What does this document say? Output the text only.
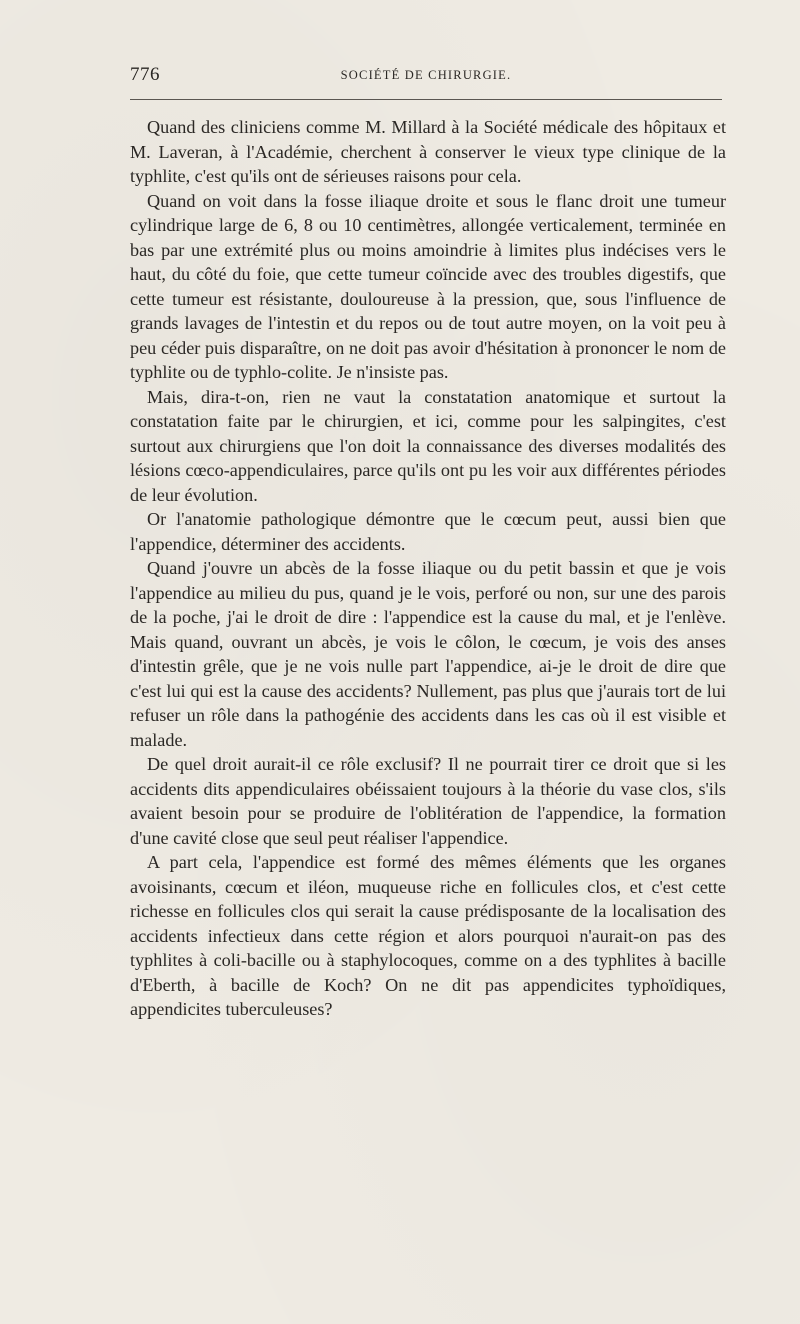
776	SOCIÉTÉ DE CHIRURGIE.

Quand des cliniciens comme M. Millard à la Société médicale des hôpitaux et M. Laveran, à l'Académie, cherchent à conserver le vieux type clinique de la typhlite, c'est qu'ils ont de sérieuses raisons pour cela.

Quand on voit dans la fosse iliaque droite et sous le flanc droit une tumeur cylindrique large de 6, 8 ou 10 centimètres, allongée verticalement, terminée en bas par une extrémité plus ou moins amoindrie à limites plus indécises vers le haut, du côté du foie, que cette tumeur coïncide avec des troubles digestifs, que cette tumeur est résistante, douloureuse à la pression, que, sous l'influence de grands lavages de l'intestin et du repos ou de tout autre moyen, on la voit peu à peu céder puis disparaître, on ne doit pas avoir d'hésitation à prononcer le nom de typhlite ou de typhlo-colite. Je n'insiste pas.

Mais, dira-t-on, rien ne vaut la constatation anatomique et surtout la constatation faite par le chirurgien, et ici, comme pour les salpingites, c'est surtout aux chirurgiens que l'on doit la connaissance des diverses modalités des lésions cœco-appendiculaires, parce qu'ils ont pu les voir aux différentes périodes de leur évolution.

Or l'anatomie pathologique démontre que le cœcum peut, aussi bien que l'appendice, déterminer des accidents.

Quand j'ouvre un abcès de la fosse iliaque ou du petit bassin et que je vois l'appendice au milieu du pus, quand je le vois, perforé ou non, sur une des parois de la poche, j'ai le droit de dire : l'appendice est la cause du mal, et je l'enlève. Mais quand, ouvrant un abcès, je vois le côlon, le cœcum, je vois des anses d'intestin grêle, que je ne vois nulle part l'appendice, ai-je le droit de dire que c'est lui qui est la cause des accidents? Nullement, pas plus que j'aurais tort de lui refuser un rôle dans la pathogénie des accidents dans les cas où il est visible et malade.

De quel droit aurait-il ce rôle exclusif? Il ne pourrait tirer ce droit que si les accidents dits appendiculaires obéissaient toujours à la théorie du vase clos, s'ils avaient besoin pour se produire de l'oblitération de l'appendice, la formation d'une cavité close que seul peut réaliser l'appendice.

A part cela, l'appendice est formé des mêmes éléments que les organes avoisinants, cœcum et iléon, muqueuse riche en follicules clos, et c'est cette richesse en follicules clos qui serait la cause prédisposante de la localisation des accidents infectieux dans cette région et alors pourquoi n'aurait-on pas des typhlites à coli-bacille ou à staphylocoques, comme on a des typhlites à bacille d'Eberth, à bacille de Koch? On ne dit pas appendicites typhoïdiques, appendicites tuberculeuses?
